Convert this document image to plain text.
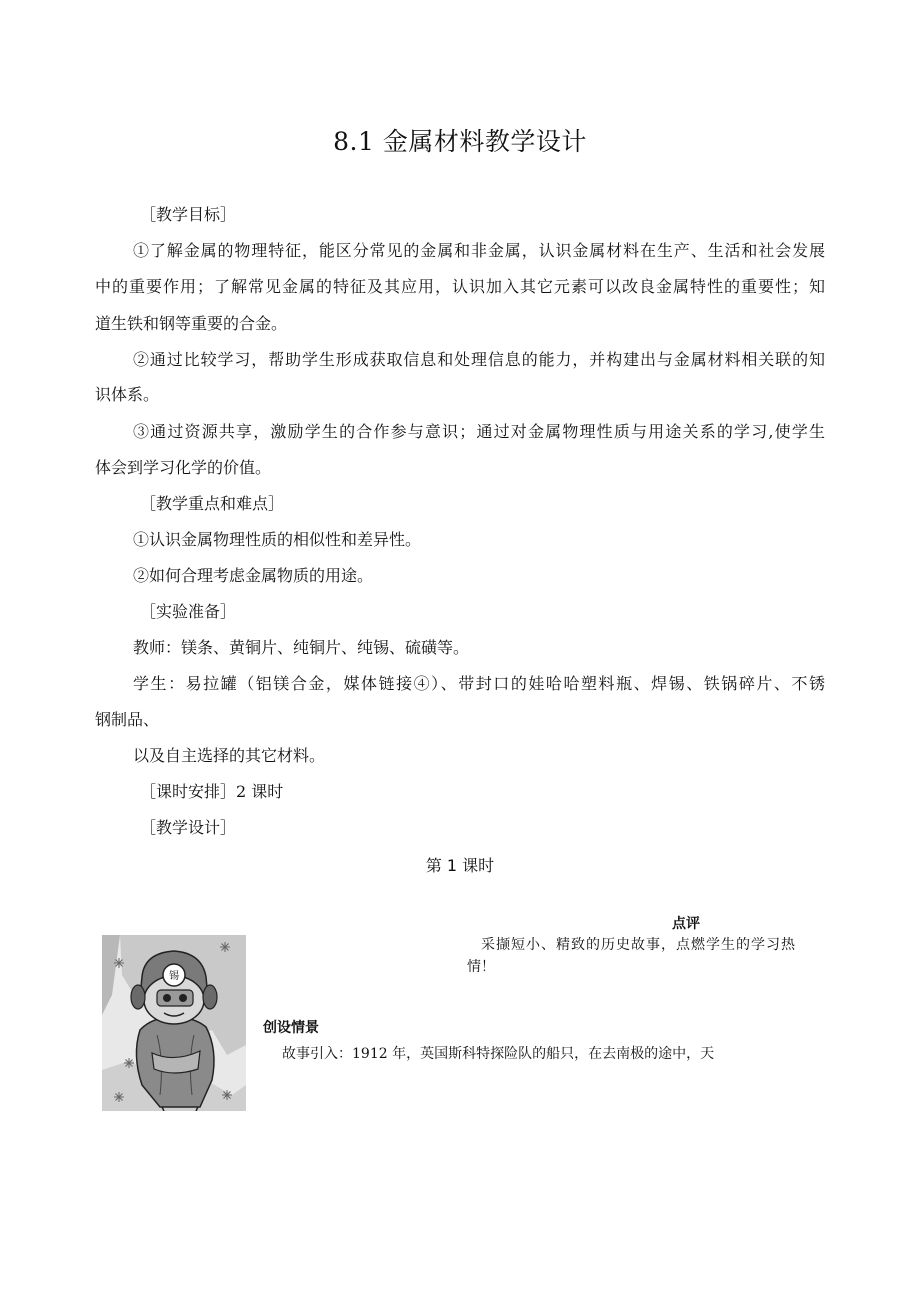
8.1 金属材料教学设计
［教学目标］
①了解金属的物理特征，能区分常见的金属和非金属，认识金属材料在生产、生活和社会发展
中的重要作用；了解常见金属的特征及其应用，认识加入其它元素可以改良金属特性的重要性；知
道生铁和钢等重要的合金。
②通过比较学习，帮助学生形成获取信息和处理信息的能力，并构建出与金属材料相关联的知
识体系。
③通过资源共享，激励学生的合作参与意识；通过对金属物理性质与用途关系的学习,使学生
体会到学习化学的价值。
［教学重点和难点］
①认识金属物理性质的相似性和差异性。
②如何合理考虑金属物质的用途。
［实验准备］
教师：镁条、黄铜片、纯铜片、纯锡、硫磺等。
学生：易拉罐（铝镁合金，媒体链接④）、带封口的娃哈哈塑料瓶、焊锡、铁锅碎片、不锈
钢制品、
以及自主选择的其它材料。
［课时安排］2 课时
［教学设计］
第 1 课时
点评
采撷短小、精致的历史故事，点燃学生的学习热
情！
创设情景
故事引入：1912 年，英国斯科特探险队的船只，在去南极的途中，天
锡
